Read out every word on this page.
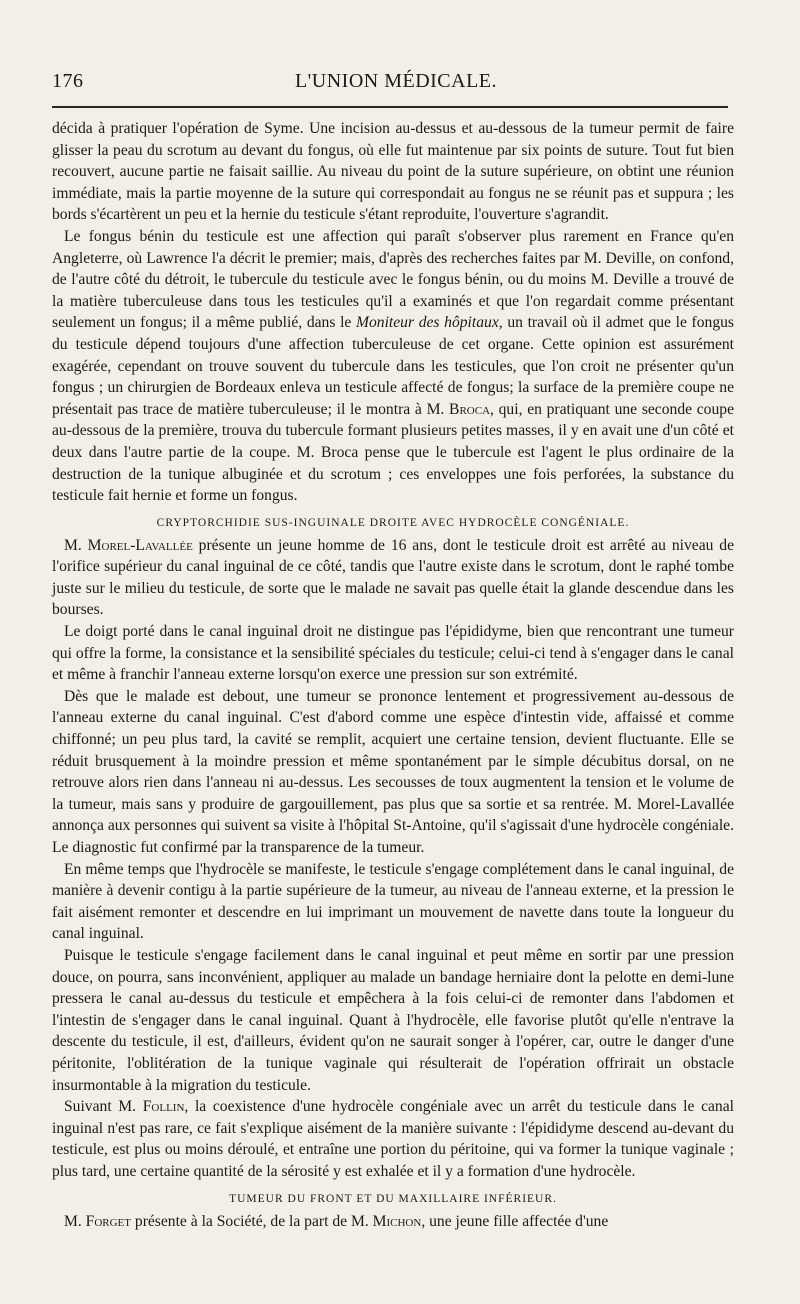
176	L'UNION MÉDICALE.

décida à pratiquer l'opération de Syme. Une incision au-dessus et au-dessous de la tumeur permit de faire glisser la peau du scrotum au devant du fongus, où elle fut maintenue par six points de suture. Tout fut bien recouvert, aucune partie ne faisait saillie. Au niveau du point de la suture supérieure, on obtint une réunion immédiate, mais la partie moyenne de la suture qui correspondait au fongus ne se réunit pas et suppura ; les bords s'écartèrent un peu et la hernie du testicule s'étant reproduite, l'ouverture s'agrandit.

Le fongus bénin du testicule est une affection qui paraît s'observer plus rarement en France qu'en Angleterre, où Lawrence l'a décrit le premier; mais, d'après des recherches faites par M. Deville, on confond, de l'autre côté du détroit, le tubercule du testicule avec le fongus bénin, ou du moins M. Deville a trouvé de la matière tuberculeuse dans tous les testicules qu'il a examinés et que l'on regardait comme présentant seulement un fongus; il a même publié, dans le Moniteur des hôpitaux, un travail où il admet que le fongus du testicule dépend toujours d'une affection tuberculeuse de cet organe. Cette opinion est assurément exagérée, cependant on trouve souvent du tubercule dans les testicules, que l'on croit ne présenter qu'un fongus ; un chirurgien de Bordeaux enleva un testicule affecté de fongus; la surface de la première coupe ne présentait pas trace de matière tuberculeuse; il le montra à M. Broca, qui, en pratiquant une seconde coupe au-dessous de la première, trouva du tubercule formant plusieurs petites masses, il y en avait une d'un côté et deux dans l'autre partie de la coupe. M. Broca pense que le tubercule est l'agent le plus ordinaire de la destruction de la tunique albuginée et du scrotum ; ces enveloppes une fois perforées, la substance du testicule fait hernie et forme un fongus.

CRYPTORCHIDIE SUS-INGUINALE DROITE AVEC HYDROCÈLE CONGÉNIALE.

M. Morel-Lavallée présente un jeune homme de 16 ans, dont le testicule droit est arrêté au niveau de l'orifice supérieur du canal inguinal de ce côté, tandis que l'autre existe dans le scrotum, dont le raphé tombe juste sur le milieu du testicule, de sorte que le malade ne savait pas quelle était la glande descendue dans les bourses.

Le doigt porté dans le canal inguinal droit ne distingue pas l'épididyme, bien que rencontrant une tumeur qui offre la forme, la consistance et la sensibilité spéciales du testicule; celui-ci tend à s'engager dans le canal et même à franchir l'anneau externe lorsqu'on exerce une pression sur son extrémité.

Dès que le malade est debout, une tumeur se prononce lentement et progressivement au-dessous de l'anneau externe du canal inguinal. C'est d'abord comme une espèce d'intestin vide, affaissé et comme chiffonné; un peu plus tard, la cavité se remplit, acquiert une certaine tension, devient fluctuante. Elle se réduit brusquement à la moindre pression et même spontanément par le simple décubitus dorsal, on ne retrouve alors rien dans l'anneau ni au-dessus. Les secousses de toux augmentent la tension et le volume de la tumeur, mais sans y produire de gargouillement, pas plus que sa sortie et sa rentrée. M. Morel-Lavallée annonça aux personnes qui suivent sa visite à l'hôpital St-Antoine, qu'il s'agissait d'une hydrocèle congéniale. Le diagnostic fut confirmé par la transparence de la tumeur.

En même temps que l'hydrocèle se manifeste, le testicule s'engage complétement dans le canal inguinal, de manière à devenir contigu à la partie supérieure de la tumeur, au niveau de l'anneau externe, et la pression le fait aisément remonter et descendre en lui imprimant un mouvement de navette dans toute la longueur du canal inguinal.

Puisque le testicule s'engage facilement dans le canal inguinal et peut même en sortir par une pression douce, on pourra, sans inconvénient, appliquer au malade un bandage herniaire dont la pelotte en demi-lune pressera le canal au-dessus du testicule et empêchera à la fois celui-ci de remonter dans l'abdomen et l'intestin de s'engager dans le canal inguinal. Quant à l'hydrocèle, elle favorise plutôt qu'elle n'entrave la descente du testicule, il est, d'ailleurs, évident qu'on ne saurait songer à l'opérer, car, outre le danger d'une péritonite, l'oblitération de la tunique vaginale qui résulterait de l'opération offrirait un obstacle insurmontable à la migration du testicule.

Suivant M. Follin, la coexistence d'une hydrocèle congéniale avec un arrêt du testicule dans le canal inguinal n'est pas rare, ce fait s'explique aisément de la manière suivante : l'épididyme descend au-devant du testicule, est plus ou moins déroulé, et entraîne une portion du péritoine, qui va former la tunique vaginale ; plus tard, une certaine quantité de la sérosité y est exhalée et il y a formation d'une hydrocèle.

TUMEUR DU FRONT ET DU MAXILLAIRE INFÉRIEUR.

M. Forget présente à la Société, de la part de M. Michon, une jeune fille affectée d'une
